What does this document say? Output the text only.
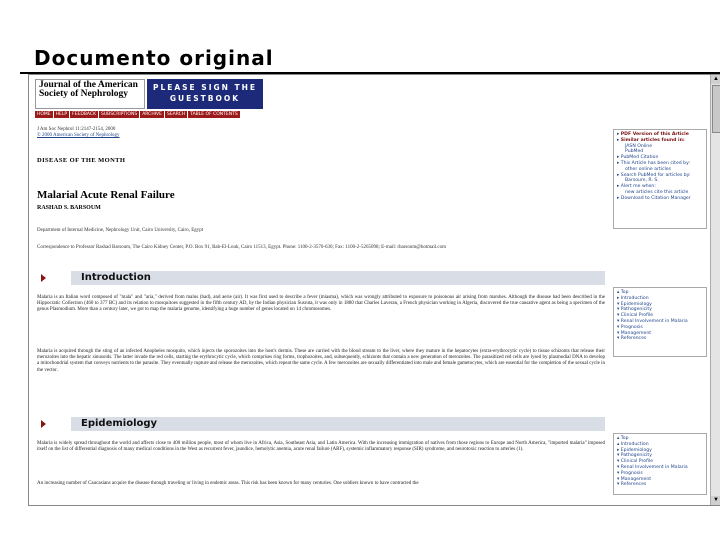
Documento original
Journal of the American
Society of Nephrology
PLEASE SIGN THE
GUESTBOOK
HOME	HELP	FEEDBACK	SUBSCRIPTIONS	ARCHIVE	SEARCH	TABLE OF CONTENTS
J Am Soc Nephrol 11:2147-2154, 2000
© 2000 American Society of Nephrology
DISEASE OF THE MONTH
Malarial Acute Renal Failure
RASHAD S. BARSOUM
Department of Internal Medicine, Nephrology Unit, Cairo University, Cairo, Egypt
Correspondence to Professor Rashad Barsoum, The Cairo Kidney Center, P.O. Box 91, Bab-El-Louk, Cairo 11513, Egypt. Phone: 1100-2-3570-630; Fax: 1100-2-5265098; E-mail: rbarsoum@hotmail.com
▸ PDF Version of this Article
▸ Similar articles found in:
JASN Online
PubMed
▸ PubMed Citation
▸ This Article has been cited by:
other online articles
▸ Search PubMed for articles by:
Barsoum, R. S.
▸ Alert me when:
new articles cite this article
▸ Download to Citation Manager
Introduction
Malaria is an Italian word composed of "mala" and "aria," derived from malus (bad), and aerie (air). It was first used to describe a fever (miasma), which was wrongly attributed to exposure to poisonous air arising from marshes. Although the disease had been described in the Hippocratic Collection (460 to 377 BC) and its relation to mosquitoes suggested in the fifth century AD, by the Indian physician Susruta, it was only in 1880 that Charles Laveran, a French physician working in Algeria, discovered the true causative agent as being a specimen of the genus Plasmodium. More than a century later, we got to map the malaria genome, identifying a huge number of genes located on 14 chromosomes.
Malaria is acquired through the sting of an infected Anopheles mosquito, which injects the sporozoites into the host's dermis. These are carried with the blood stream to the liver, where they mature in the hepatocytes (extra-erythrocytic cycle) to tissue schizonts that release their merozoites into the hepatic sinusoids. The latter invade the red cells, starting the erythrocytic cycle, which comprises ring forms, trophozoites, and, subsequently, schizonts that contain a new generation of merozoites. The parasitized red cells are lysed by plasmodial DNA to develop a mitochondrial system that conveys nutrients to the parasite. They eventually rupture and release the merozoites, which repeat the same cycle. A few merozoites are sexually differentiated into male and female gametocytes, which are essential for the completion of the sexual cycle in the vector.
▴ Top
▸ Introduction
▾ Epidemiology
▾ Pathogenicity
▾ Clinical Profile
▾ Renal Involvement in Malaria
▾ Prognosis
▾ Management
▾ References
Epidemiology
Malaria is widely spread throughout the world and affects close to 400 million people, most of whom live in Africa, Asia, Southeast Asia, and Latin America. With the increasing immigration of natives from those regions to Europe and North America, "imported malaria" imposed itself on the list of differential diagnosis of many medical conditions in the West as recurrent fever, jaundice, hemolytic anemia, acute renal failure (ARF), systemic inflammatory response (SIR) syndrome, and neurotoxic reaction to arteries (1).
An increasing number of Caucasians acquire the disease through traveling or living in endemic areas. This risk has been known for many centuries. One soldiers known to have contracted the
▴ Top
▴ Introduction
▸ Epidemiology
▾ Pathogenicity
▾ Clinical Profile
▾ Renal Involvement in Malaria
▾ Prognosis
▾ Management
▾ References
▲
▼
